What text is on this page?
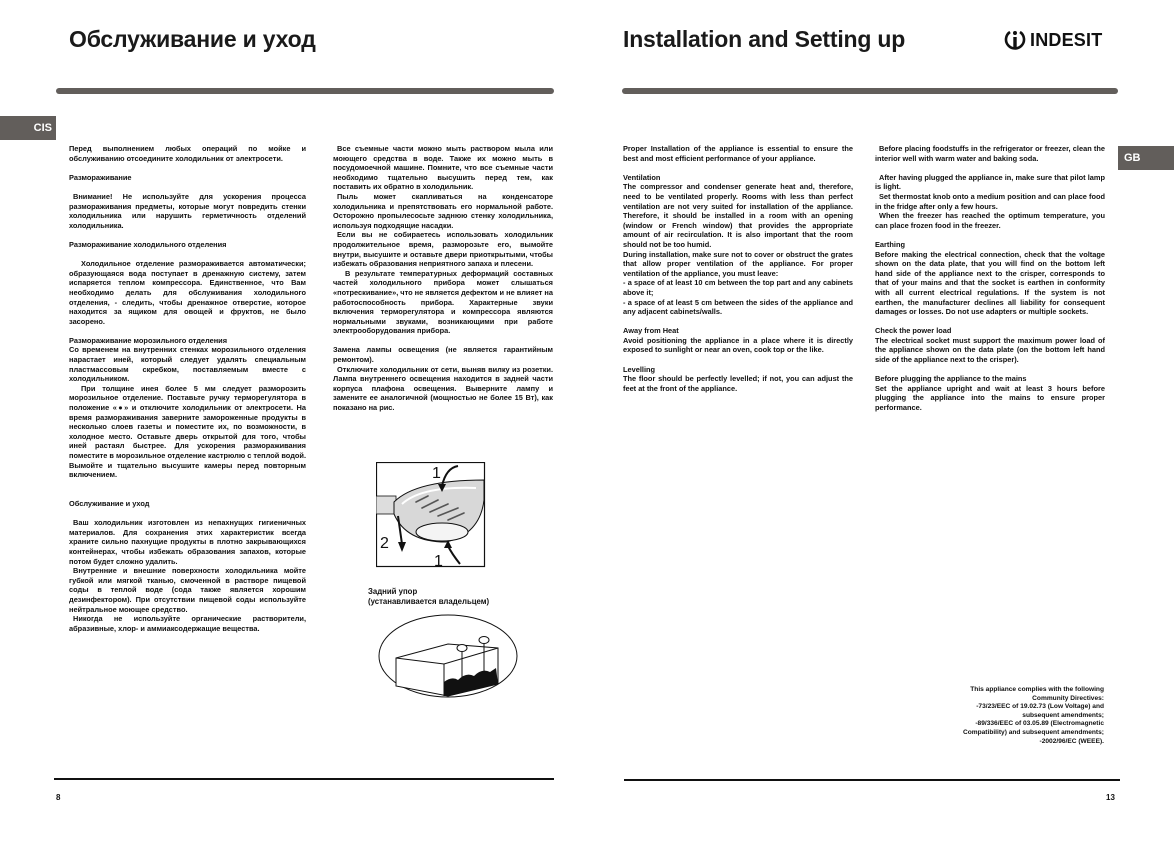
Обслуживание и уход
CIS
Перед выполнением любых операций по мойке и обслуживанию отсоедините холодильник от электросети.
Размораживание
Внимание! Не используйте для ускорения процесса размораживания предметы, которые могут повредить стенки холодильника или нарушить герметичность отделений холодильника.
Размораживание холодильного отделения
Холодильное отделение размораживается автоматически; образующаяся вода поступает в дренажную систему, затем испаряется теплом компрессора. Единственное, что Вам необходимо делать для обслуживания холодильного отделения, - следить, чтобы дренажное отверстие, которое находится за ящиком для овощей и фруктов, не было засорено.
Размораживание морозильного отделения
Со временем на внутренних стенках морозильного отделения нарастает иней, который следует удалять специальным пластмассовым скребком, поставляемым вместе с холодильником.
При толщине инея более 5 мм следует разморозить морозильное отделение. Поставьте ручку терморегулятора в положение «●» и отключите холодильник от электросети. На время размораживания заверните замороженные продукты в несколько слоев газеты и поместите их, по возможности, в холодное место. Оставьте дверь открытой для того, чтобы иней растаял быстрее. Для ускорения размораживания поместите в морозильное отделение кастрюлю с теплой водой. Вымойте и тщательно высушите камеры перед повторным включением.
Обслуживание и уход
Ваш холодильник изготовлен из непахнущих гигиеничных материалов. Для сохранения этих характеристик всегда храните сильно пахнущие продукты в плотно закрывающихся контейнерах, чтобы избежать образования запахов, которые потом будет сложно удалить.
Внутренние и внешние поверхности холодильника мойте губкой или мягкой тканью, смоченной в растворе пищевой соды в теплой воде (сода также является хорошим дезинфектором). При отсутствии пищевой соды используйте нейтральное моющее средство.
Никогда не используйте органические растворители, абразивные, хлор- и аммиаксодержащие вещества.
Все съемные части можно мыть раствором мыла или моющего средства в воде. Также их можно мыть в посудомоечной машине. Помните, что все съемные части необходимо тщательно высушить перед тем, как поставить их обратно в холодильник.
Пыль может скапливаться на конденсаторе холодильника и препятствовать его нормальной работе. Осторожно пропылесосьте заднюю стенку холодильника, используя подходящие насадки.
Если вы не собираетесь использовать холодильник продолжительное время, разморозьте его, вымойте внутри, высушите и оставьте двери приоткрытыми, чтобы избежать образования неприятного запаха и плесени.
В результате температурных деформаций составных частей холодильного прибора может слышаться «потрескивание», что не является дефектом и не влияет на работоспособность прибора. Характерные звуки включения терморегулятора и компрессора являются нормальными звуками, возникающими при работе электрооборудования прибора.
Замена лампы освещения (не является гарантийным ремонтом).
Отключите холодильник от сети, выняв вилку из розетки. Лампа внутреннего освещения находится в задней части корпуса плафона освещения. Выверните лампу и замените ее аналогичной (мощностью не более 15 Вт), как показано на рис.
1
2
1
Задний упор
(устанавливается владельцем)
8
Installation and Setting up	INDESIT
GB
Proper Installation of the appliance is essential to ensure the best and most efficient performance of your appliance.
Ventilation
The compressor and condenser generate heat and, therefore, need to be ventilated properly. Rooms with less than perfect ventilation are not very suited for installation of the appliance. Therefore, it should be installed in a room with an opening (window or French window) that provides the appropriate amount of air recirculation. It is also important that the room should not be too humid.
During installation, make sure not to cover or obstruct the grates that allow proper ventilation of the appliance. For proper ventilation of the appliance, you must leave:
- a space of at least 10 cm between the top part and any cabinets above it;
- a space of at least 5 cm between the sides of the appliance and any adjacent cabinets/walls.
Away from Heat
Avoid positioning the appliance in a place where it is directly exposed to sunlight or near an oven, cook top or the like.
Levelling
The floor should be perfectly levelled; if not, you can adjust the feet at the front of the appliance.
Before placing foodstuffs in the refrigerator or freezer, clean the interior well with warm water and baking soda.
After having plugged the appliance in, make sure that pilot lamp is light.
Set thermostat knob onto a medium position and can place food in the fridge after only a few hours.
When the freezer has reached the optimum temperature, you can place frozen food in the freezer.
Earthing
Before making the electrical connection, check that the voltage shown on the data plate, that you will find on the bottom left hand side of the appliance next to the crisper, corresponds to that of your mains and that the socket is earthen in conformity with all current electrical regulations. If the system is not earthen, the manufacturer declines all liability for consequent damages or losses. Do not use adapters or multiple sockets.
Check the power load
The electrical socket must support the maximum power load of the appliance shown on the data plate (on the bottom left hand side of the appliance next to the crisper).
Before plugging the appliance to the mains
Set the appliance upright and wait at least 3 hours before plugging the appliance into the mains to ensure proper performance.
This appliance complies with the following
Community Directives:
-73/23/EEC of 19.02.73 (Low Voltage) and
subsequent amendments;
-89/336/EEC of 03.05.89 (Electromagnetic
Compatibility) and subsequent amendments;
-2002/96/EC (WEEE).
13
